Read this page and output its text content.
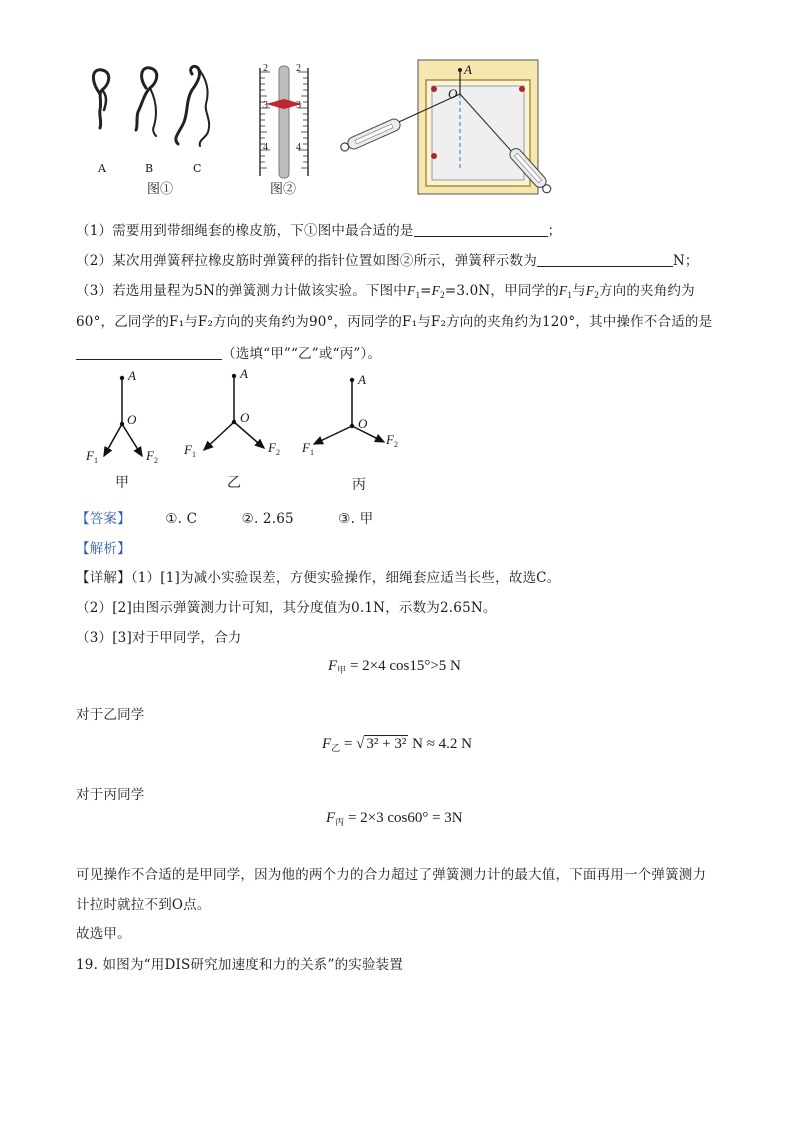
A	B	C
图①
2
3
4
2
3
4
图②
A
O
（1）需要用到带细绳套的橡皮筋，下①图中最合适的是	；
（2）某次用弹簧秤拉橡皮筋时弹簧秤的指针位置如图②所示，弹簧秤示数为	N；
（3）若选用量程为5N的弹簧测力计做该实验。下图中$F_1=F_2=3.0N$，甲同学的$F_1$与$F_2$方向的夹角约为
60°，乙同学的F₁与F₂方向的夹角约为90°，丙同学的F₁与F₂方向的夹角约为120°，其中操作不合适的是
（选填“甲”“乙”或“丙”）。
A
O
$F_1$	$F_2$
甲
A
O
$F_1$	$F_2$
乙
A
O
$F_1$
$F_2$
丙
【答案】	①. C	②. 2.65	③. 甲
【解析】
【详解】（1）[1]为减小实验误差，方便实验操作，细绳套应适当长些，故选C。
（2）[2]由图示弹簧测力计可知，其分度值为0.1N，示数为2.65N。
（3）[3]对于甲同学，合力
$F_甲 = 2\times 4$ cos15°>5 N
对于乙同学
$F_乙$ = √ 3² + 3² N ≈ 4.2 N
对于丙同学
$F_丙 = 2\times 3$ cos60° = 3N
可见操作不合适的是甲同学，因为他的两个力的合力超过了弹簧测力计的最大值，下面再用一个弹簧测力
计拉时就拉不到O点。
故选甲。
19. 如图为“用DIS研究加速度和力的关系”的实验装置
